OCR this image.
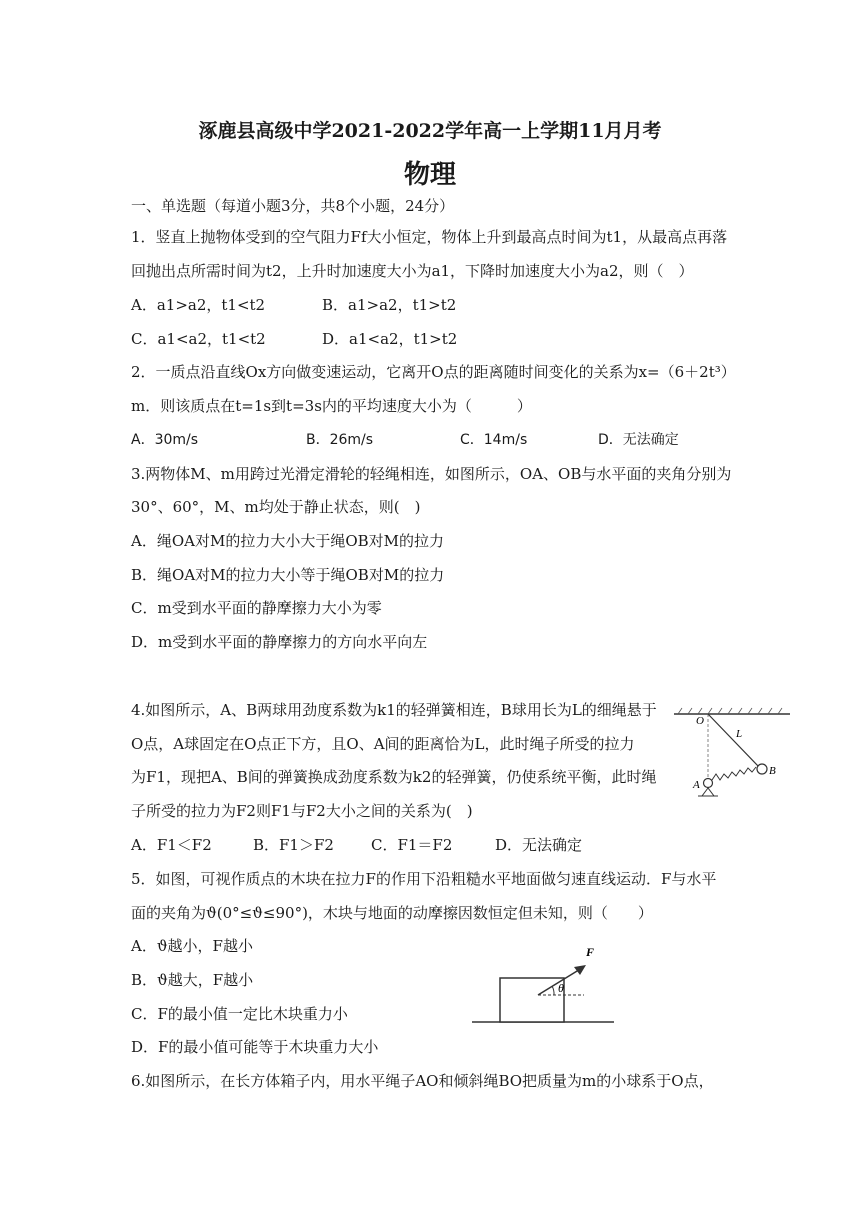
涿鹿县高级中学2021-2022学年高一上学期11月月考
物理
一、单选题（每道小题3分，共8个小题，24分）
1．竖直上抛物体受到的空气阻力Ff大小恒定，物体上升到最高点时间为t1，从最高点再落
回抛出点所需时间为t2，上升时加速度大小为a1，下降时加速度大小为a2，则（　）
A．a1>a2，t1<t2	B．a1>a2，t1>t2
C．a1<a2，t1<t2	D．a1<a2，t1>t2
2．一质点沿直线Ox方向做变速运动，它离开O点的距离随时间变化的关系为x=（6＋2t³）
m．则该质点在t=1s到t=3s内的平均速度大小为（　　　）
A．30m/s	B．26m/s	C．14m/s	D．无法确定
3.两物体M、m用跨过光滑定滑轮的轻绳相连，如图所示，OA、OB与水平面的夹角分别为
30°、60°，M、m均处于静止状态，则(　)
A．绳OA对M的拉力大小大于绳OB对M的拉力
B．绳OA对M的拉力大小等于绳OB对M的拉力
C．m受到水平面的静摩擦力大小为零
D．m受到水平面的静摩擦力的方向水平向左
4.如图所示，A、B两球用劲度系数为k1的轻弹簧相连，B球用长为L的细绳悬于
O点，A球固定在O点正下方，且O、A间的距离恰为L，此时绳子所受的拉力
为F1，现把A、B间的弹簧换成劲度系数为k2的轻弹簧，仍使系统平衡，此时绳
子所受的拉力为F2则F1与F2大小之间的关系为(　)
A．F1＜F2	B．F1＞F2 C．F1＝F2	D．无法确定
O
L
A
B
5．如图，可视作质点的木块在拉力F的作用下沿粗糙水平地面做匀速直线运动．F与水平
面的夹角为ϑ(0°≤ϑ≤90°)，木块与地面的动摩擦因数恒定但未知，则（　　）
A．ϑ越小，F越小
B．ϑ越大，F越小
C．F的最小值一定比木块重力小
D．F的最小值可能等于木块重力大小
F
θ
6.如图所示，在长方体箱子内，用水平绳子AO和倾斜绳BO把质量为m的小球系于O点，
